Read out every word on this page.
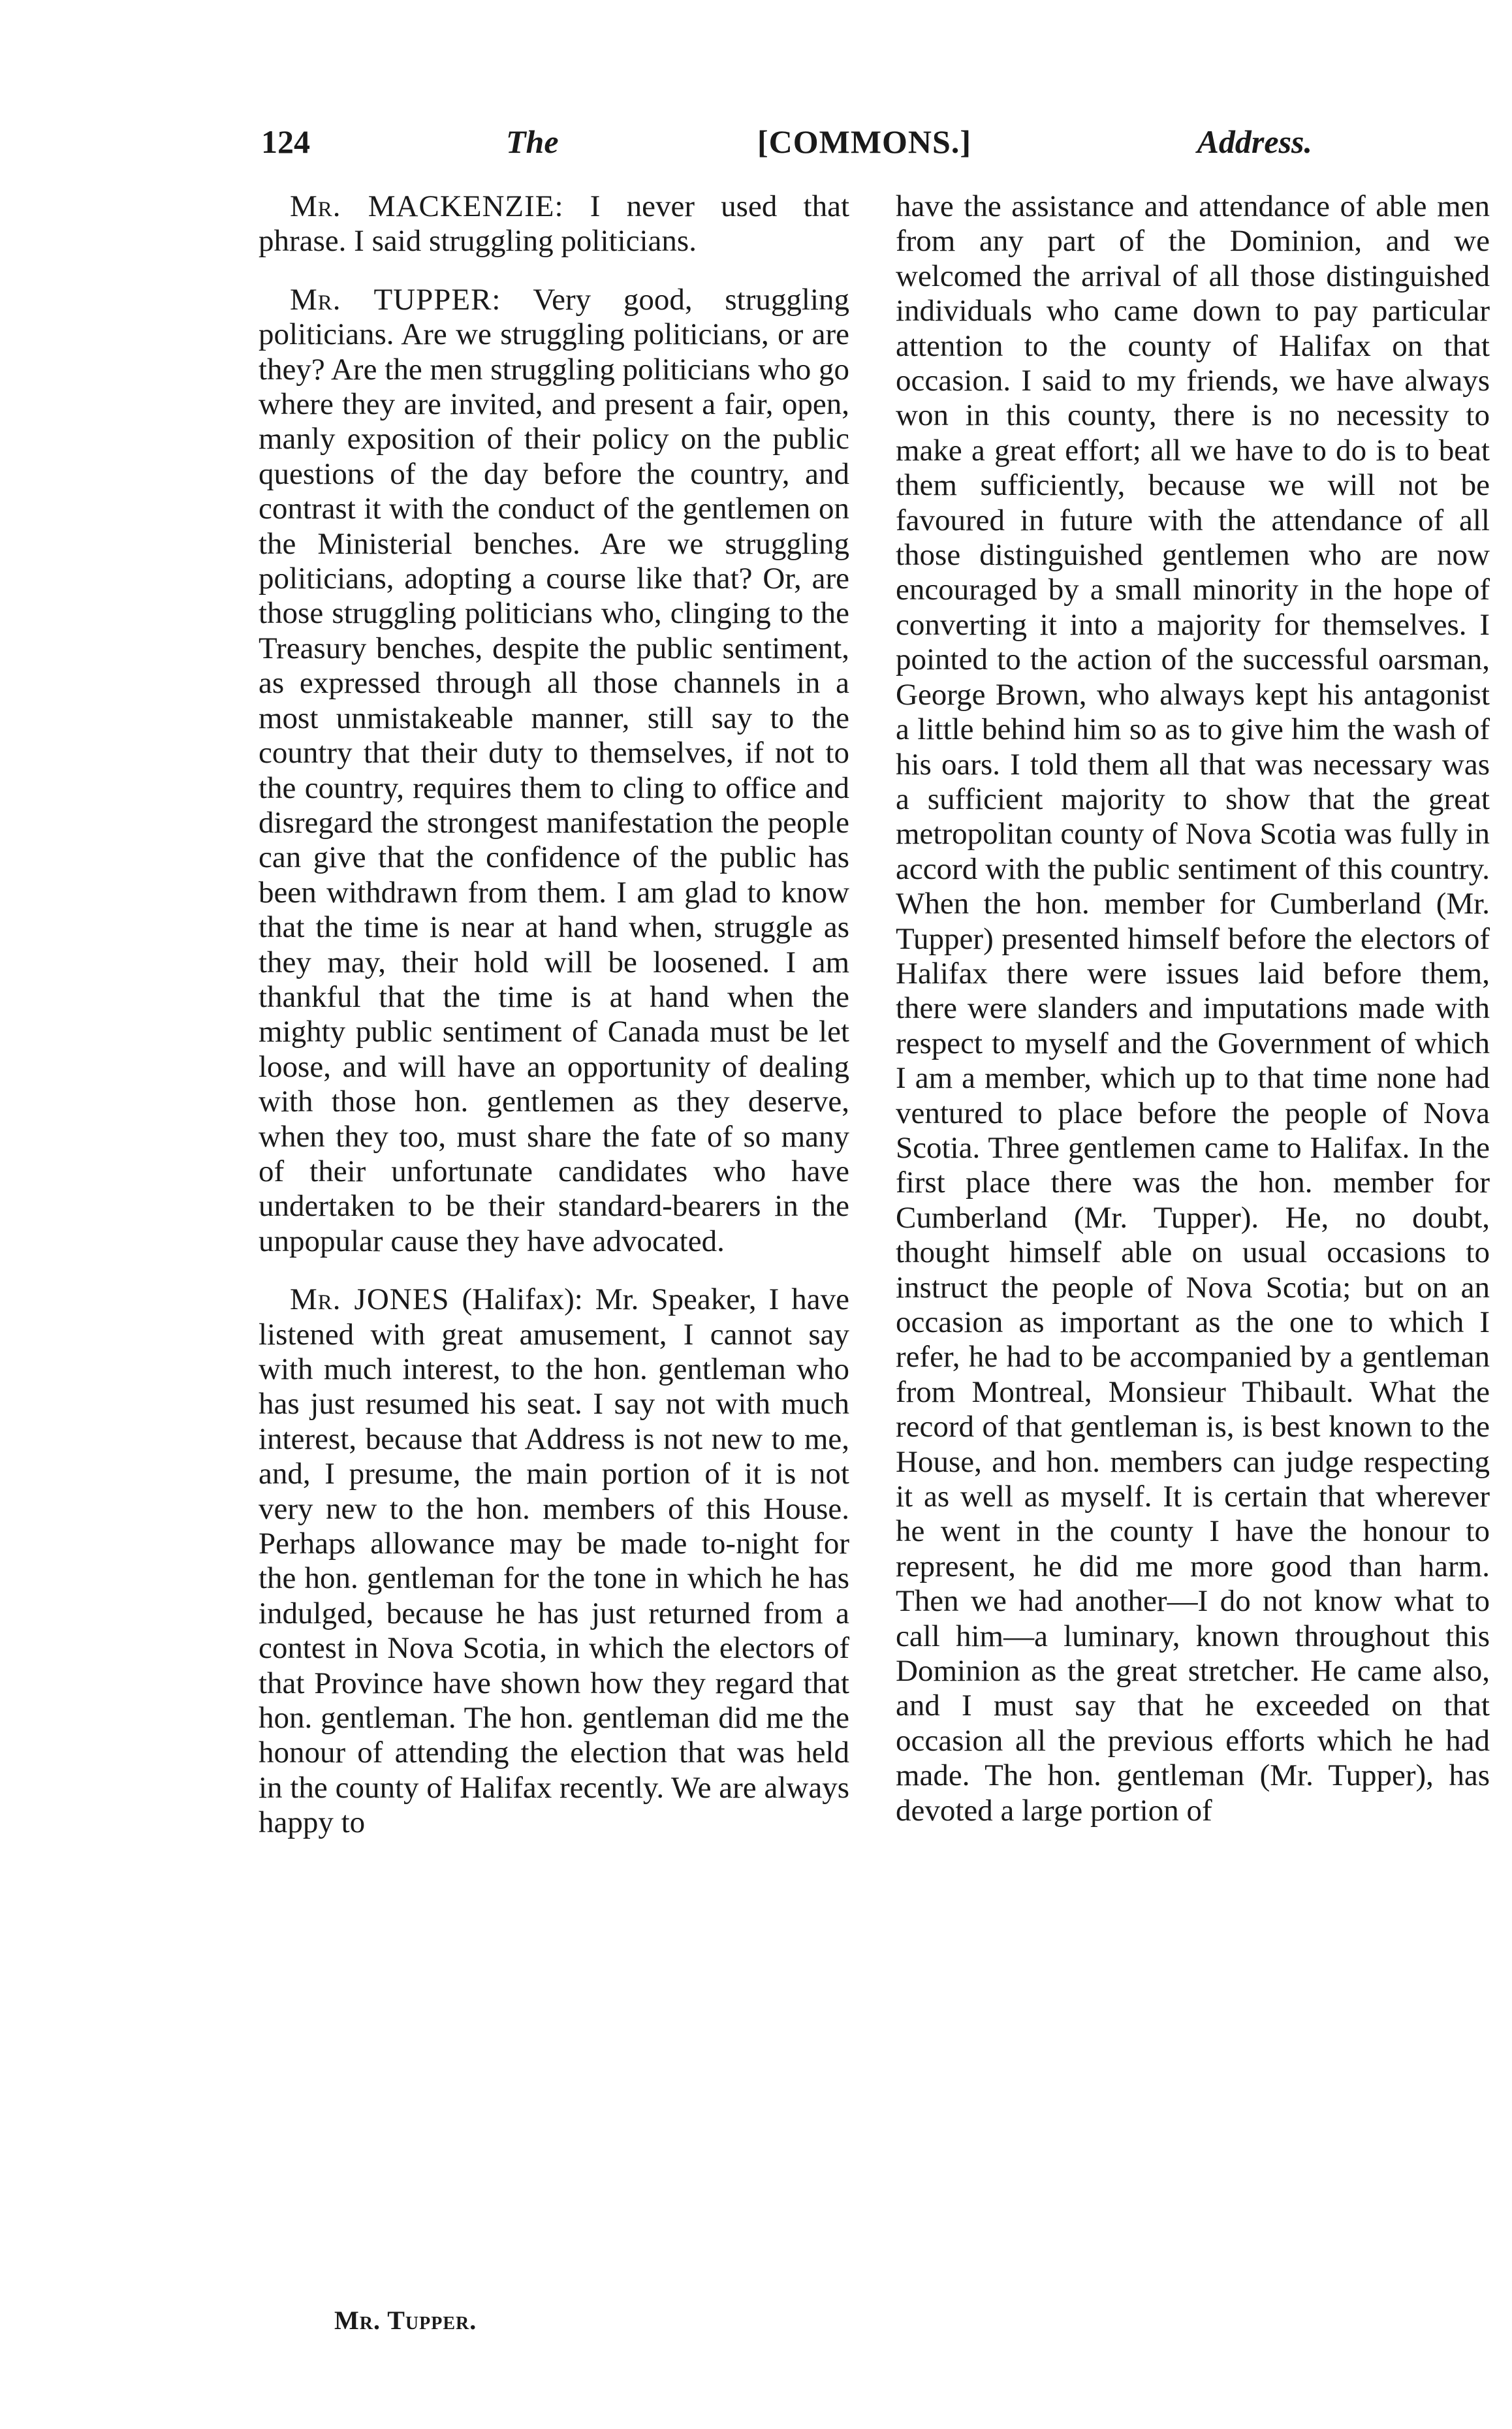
124	The	[COMMONS.]	Address.

Mr. MACKENZIE: I never used that phrase. I said struggling politicians.

Mr. TUPPER: Very good, struggling politicians. Are we struggling politicians, or are they? Are the men struggling politicians who go where they are invited, and present a fair, open, manly exposition of their policy on the public questions of the day before the country, and contrast it with the conduct of the gentlemen on the Ministerial benches. Are we struggling politicians, adopting a course like that? Or, are those struggling politicians who, clinging to the Treasury benches, despite the public sentiment, as expressed through all those channels in a most unmistakeable manner, still say to the country that their duty to themselves, if not to the country, requires them to cling to office and disregard the strongest manifestation the people can give that the confidence of the public has been withdrawn from them. I am glad to know that the time is near at hand when, struggle as they may, their hold will be loosened. I am thankful that the time is at hand when the mighty public sentiment of Canada must be let loose, and will have an opportunity of dealing with those hon. gentlemen as they deserve, when they too, must share the fate of so many of their unfortunate candidates who have undertaken to be their standard-bearers in the unpopular cause they have advocated.

Mr. JONES (Halifax): Mr. Speaker, I have listened with great amusement, I cannot say with much interest, to the hon. gentleman who has just resumed his seat. I say not with much interest, because that Address is not new to me, and, I presume, the main portion of it is not very new to the hon. members of this House. Perhaps allowance may be made to-night for the hon. gentleman for the tone in which he has indulged, because he has just returned from a contest in Nova Scotia, in which the electors of that Province have shown how they regard that hon. gentleman. The hon. gentleman did me the honour of attending the election that was held in the county of Halifax recently. We are always happy to

have the assistance and attendance of able men from any part of the Dominion, and we welcomed the arrival of all those distinguished individuals who came down to pay particular attention to the county of Halifax on that occasion. I said to my friends, we have always won in this county, there is no necessity to make a great effort; all we have to do is to beat them sufficiently, because we will not be favoured in future with the attendance of all those distinguished gentlemen who are now encouraged by a small minority in the hope of converting it into a majority for themselves. I pointed to the action of the successful oarsman, George Brown, who always kept his antagonist a little behind him so as to give him the wash of his oars. I told them all that was necessary was a sufficient majority to show that the great metropolitan county of Nova Scotia was fully in accord with the public sentiment of this country. When the hon. member for Cumberland (Mr. Tupper) presented himself before the electors of Halifax there were issues laid before them, there were slanders and imputations made with respect to myself and the Government of which I am a member, which up to that time none had ventured to place before the people of Nova Scotia. Three gentlemen came to Halifax. In the first place there was the hon. member for Cumberland (Mr. Tupper). He, no doubt, thought himself able on usual occasions to instruct the people of Nova Scotia; but on an occasion as important as the one to which I refer, he had to be accompanied by a gentleman from Montreal, Monsieur Thibault. What the record of that gentleman is, is best known to the House, and hon. members can judge respecting it as well as myself. It is certain that wherever he went in the county I have the honour to represent, he did me more good than harm. Then we had another—I do not know what to call him—a luminary, known throughout this Dominion as the great stretcher. He came also, and I must say that he exceeded on that occasion all the previous efforts which he had made. The hon. gentleman (Mr. Tupper), has devoted a large portion of

Mr. Tupper.
